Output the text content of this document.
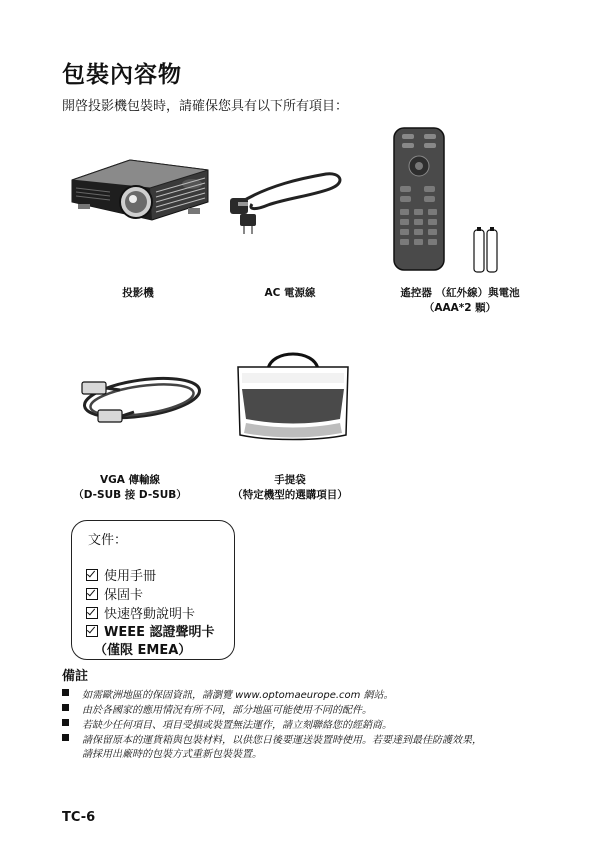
包裝內容物
開啓投影機包裝時，請確保您具有以下所有項目：
投影機	AC 電源線	遙控器 （紅外線）與電池
（AAA*2 顆）
VGA 傳輸線
（D-SUB 接 D-SUB）
手提袋
（特定機型的選購項目）
文件：
使用手冊
保固卡
快速啓動說明卡
WEEE 認證聲明卡
（僅限 EMEA）
備註
如需歐洲地區的保固資訊，請瀏覽 www.optomaeurope.com 網站。
由於各國家的應用情況有所不同，部分地區可能使用不同的配件。
若缺少任何項目、項目受損或裝置無法運作，請立刻聯絡您的經銷商。
請保留原本的運貨箱與包裝材料，以供您日後要運送裝置時使用。若要達到最佳防護效果，
請採用出廠時的包裝方式重新包裝裝置。
TC-6
